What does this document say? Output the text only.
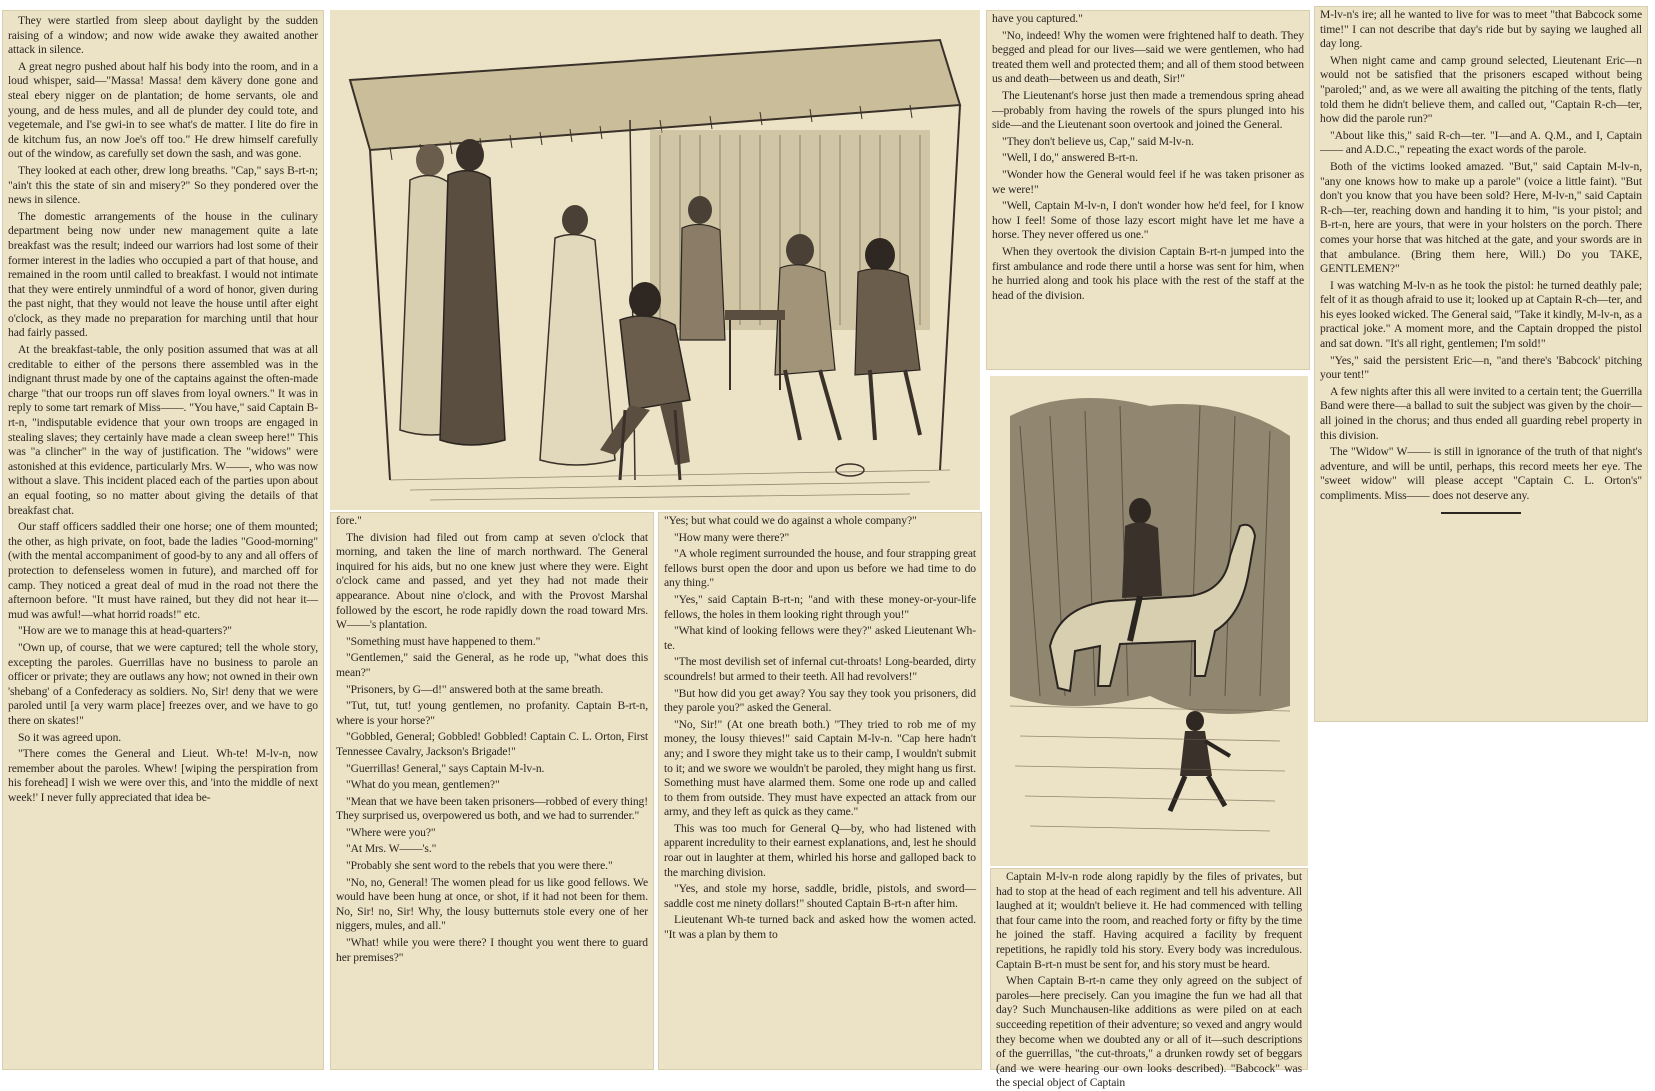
They were startled from sleep about daylight by the sudden raising of a window; and now wide awake they awaited another attack in silence.

A great negro pushed about half his body into the room, and in a loud whisper, said—"Massa! Massa! dem kävery done gone and steal ebery nigger on de plantation; de home servants, ole and young, and de hess mules, and all de plunder dey could tote, and vegetemale, and I'se gwi-in to see what's de matter. I lite do fire in de kitchum fus, an now Joe's off too." He drew himself carefully out of the window, as carefully set down the sash, and was gone.

They looked at each other, drew long breaths. "Cap," says B-rt-n; "ain't this the state of sin and misery?" So they pondered over the news in silence.

The domestic arrangements of the house in the culinary department being now under new management quite a late breakfast was the result; indeed our warriors had lost some of their former interest in the ladies who occupied a part of that house, and remained in the room until called to breakfast. I would not intimate that they were entirely unmindful of a word of honor, given during the past night, that they would not leave the house until after eight o'clock, as they made no preparation for marching until that hour had fairly passed.

At the breakfast-table, the only position assumed that was at all creditable to either of the persons there assembled was in the indignant thrust made by one of the captains against the often-made charge "that our troops run off slaves from loyal owners." It was in reply to some tart remark of Miss——. "You have," said Captain B-rt-n, "indisputable evidence that your own troops are engaged in stealing slaves; they certainly have made a clean sweep here!" This was "a clincher" in the way of justification. The "widows" were astonished at this evidence, particularly Mrs. W——, who was now without a slave. This incident placed each of the parties upon about an equal footing, so no matter about giving the details of that breakfast chat.

Our staff officers saddled their one horse; one of them mounted; the other, as high private, on foot, bade the ladies "Good-morning" (with the mental accompaniment of good-by to any and all offers of protection to defenseless women in future), and marched off for camp. They noticed a great deal of mud in the road not there the afternoon before. "It must have rained, but they did not hear it—mud was awful!—what horrid roads!" etc.

"How are we to manage this at head-quarters?"

"Own up, of course, that we were captured; tell the whole story, excepting the paroles. Guerrillas have no business to parole an officer or private; they are outlaws any how; not owned in their own 'shebang' of a Confederacy as soldiers. No, Sir! deny that we were paroled until [a very warm place] freezes over, and we have to go there on skates!"

So it was agreed upon.

"There comes the General and Lieut. Wh-te! M-lv-n, now remember about the paroles. Whew! [wiping the perspiration from his forehead] I wish we were over this, and 'into the middle of next week!' I never fully appreciated that idea be-

fore."

The division had filed out from camp at seven o'clock that morning, and taken the line of march northward. The General inquired for his aids, but no one knew just where they were. Eight o'clock came and passed, and yet they had not made their appearance. About nine o'clock, and with the Provost Marshal followed by the escort, he rode rapidly down the road toward Mrs. W——'s plantation.

"Something must have happened to them."

"Gentlemen," said the General, as he rode up, "what does this mean?"

"Prisoners, by G—d!" answered both at the same breath.

"Tut, tut, tut! young gentlemen, no profanity. Captain B-rt-n, where is your horse?"

"Gobbled, General; Gobbled! Gobbled! Captain C. L. Orton, First Tennessee Cavalry, Jackson's Brigade!"

"Guerrillas! General," says Captain M-lv-n.

"What do you mean, gentlemen?"

"Mean that we have been taken prisoners—robbed of every thing! They surprised us, overpowered us both, and we had to surrender."

"Where were you?"

"At Mrs. W——'s."

"Probably she sent word to the rebels that you were there."

"No, no, General! The women plead for us like good fellows. We would have been hung at once, or shot, if it had not been for them. No, Sir! no, Sir! Why, the lousy butternuts stole every one of her niggers, mules, and all."

"What! while you were there? I thought you went there to guard her premises?"

"Yes; but what could we do against a whole company?"

"How many were there?"

"A whole regiment surrounded the house, and four strapping great fellows burst open the door and upon us before we had time to do any thing."

"Yes," said Captain B-rt-n; "and with these money-or-your-life fellows, the holes in them looking right through you!"

"What kind of looking fellows were they?" asked Lieutenant Wh-te.

"The most devilish set of infernal cut-throats! Long-bearded, dirty scoundrels! but armed to their teeth. All had revolvers!"

"But how did you get away? You say they took you prisoners, did they parole you?" asked the General.

"No, Sir!" (At one breath both.) "They tried to rob me of my money, the lousy thieves!" said Captain M-lv-n. "Cap here hadn't any; and I swore they might take us to their camp, I wouldn't submit to it; and we swore we wouldn't be paroled, they might hang us first. Something must have alarmed them. Some one rode up and called to them from outside. They must have expected an attack from our army, and they left as quick as they came."

This was too much for General Q—by, who had listened with apparent incredulity to their earnest explanations, and, lest he should roar out in laughter at them, whirled his horse and galloped back to the marching division.

"Yes, and stole my horse, saddle, bridle, pistols, and sword—saddle cost me ninety dollars!" shouted Captain B-rt-n after him.

Lieutenant Wh-te turned back and asked how the women acted. "It was a plan by them to

have you captured."

"No, indeed! Why the women were frightened half to death. They begged and plead for our lives—said we were gentlemen, who had treated them well and protected them; and all of them stood between us and death—between us and death, Sir!"

The Lieutenant's horse just then made a tremendous spring ahead—probably from having the rowels of the spurs plunged into his side—and the Lieutenant soon overtook and joined the General.

"They don't believe us, Cap," said M-lv-n.

"Well, I do," answered B-rt-n.

"Wonder how the General would feel if he was taken prisoner as we were!"

"Well, Captain M-lv-n, I don't wonder how he'd feel, for I know how I feel! Some of those lazy escort might have let me have a horse. They never offered us one."

When they overtook the division Captain B-rt-n jumped into the first ambulance and rode there until a horse was sent for him, when he hurried along and took his place with the rest of the staff at the head of the division.

Captain M-lv-n rode along rapidly by the files of privates, but had to stop at the head of each regiment and tell his adventure. All laughed at it; wouldn't believe it. He had commenced with telling that four came into the room, and reached forty or fifty by the time he joined the staff. Having acquired a facility by frequent repetitions, he rapidly told his story. Every body was incredulous. Captain B-rt-n must be sent for, and his story must be heard.

When Captain B-rt-n came they only agreed on the subject of paroles—here precisely. Can you imagine the fun we had all that day? Such Munchausen-like additions as were piled on at each succeeding repetition of their adventure; so vexed and angry would they become when we doubted any or all of it—such descriptions of the guerrillas, "the cut-throats," a drunken rowdy set of beggars (and we were hearing our own looks described). "Babcock" was the special object of Captain

M-lv-n's ire; all he wanted to live for was to meet "that Babcock some time!" I can not describe that day's ride but by saying we laughed all day long.

When night came and camp ground selected, Lieutenant Eric—n would not be satisfied that the prisoners escaped without being "paroled;" and, as we were all awaiting the pitching of the tents, flatly told them he didn't believe them, and called out, "Captain R-ch—ter, how did the parole run?"

"About like this," said R-ch—ter. "I—and A. Q.M., and I, Captain —— and A.D.C.," repeating the exact words of the parole.

Both of the victims looked amazed. "But," said Captain M-lv-n, "any one knows how to make up a parole" (voice a little faint). "But don't you know that you have been sold? Here, M-lv-n," said Captain R-ch—ter, reaching down and handing it to him, "is your pistol; and B-rt-n, here are yours, that were in your holsters on the porch. There comes your horse that was hitched at the gate, and your swords are in that ambulance. (Bring them here, Will.) Do you TAKE, GENTLEMEN?"

I was watching M-lv-n as he took the pistol: he turned deathly pale; felt of it as though afraid to use it; looked up at Captain R-ch—ter, and his eyes looked wicked. The General said, "Take it kindly, M-lv-n, as a practical joke." A moment more, and the Captain dropped the pistol and sat down. "It's all right, gentlemen; I'm sold!"

"Yes," said the persistent Eric—n, "and there's 'Babcock' pitching your tent!"

A few nights after this all were invited to a certain tent; the Guerrilla Band were there—a ballad to suit the subject was given by the choir—all joined in the chorus; and thus ended all guarding rebel property in this division.

The "Widow" W—— is still in ignorance of the truth of that night's adventure, and will be until, perhaps, this record meets her eye. The "sweet widow" will please accept "Captain C. L. Orton's" compliments. Miss—— does not deserve any.
